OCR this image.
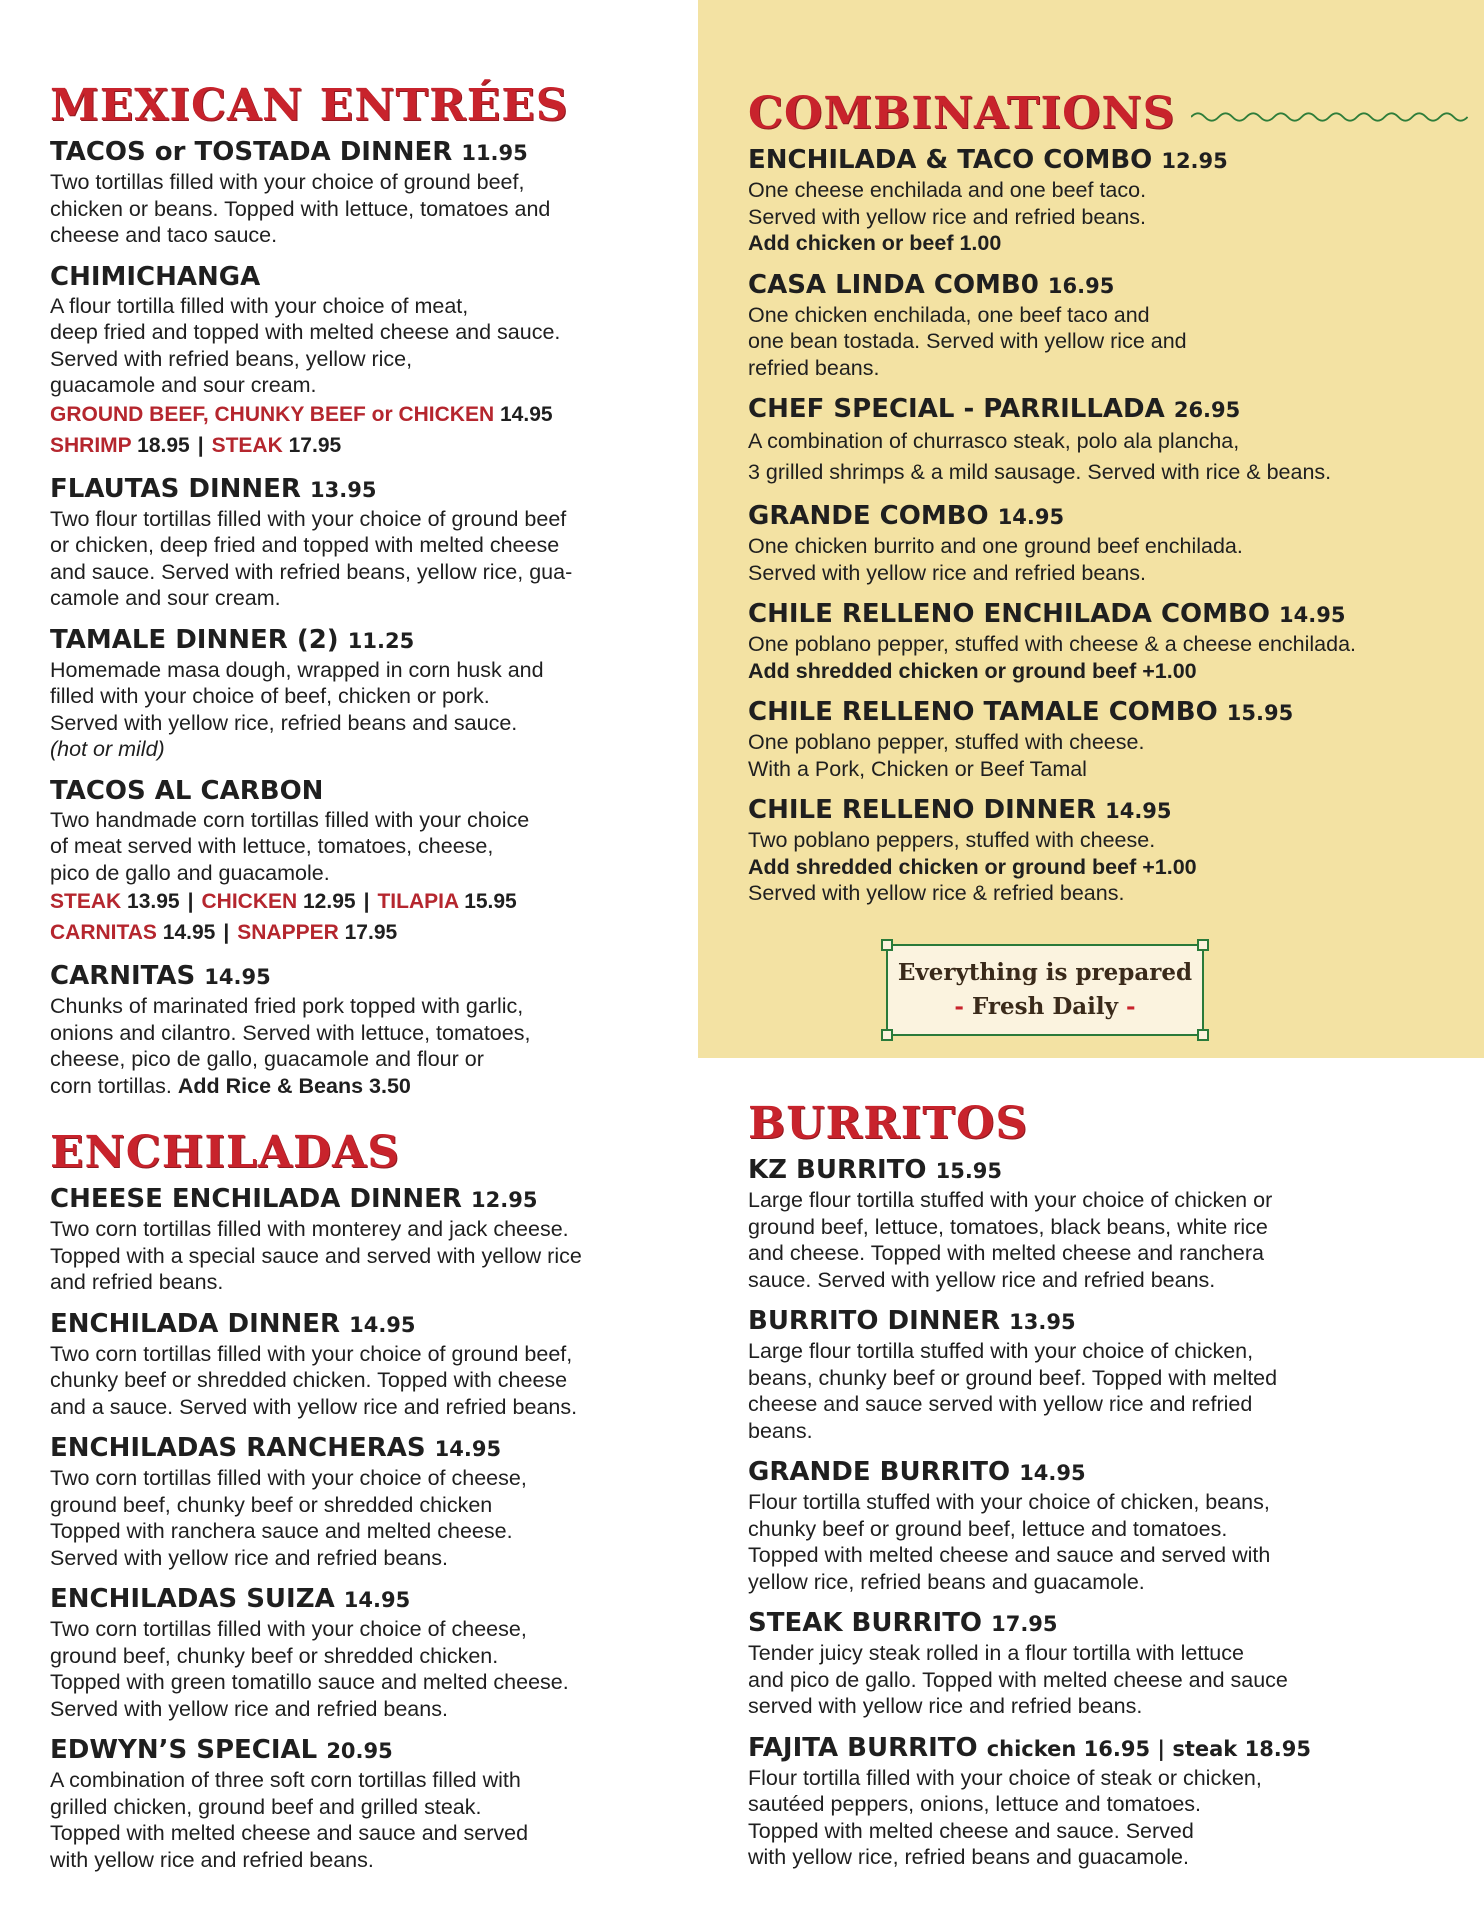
MEXICAN ENTRÉES
TACOS or TOSTADA DINNER 11.95
Two tortillas filled with your choice of ground beef,
chicken or beans. Topped with lettuce, tomatoes and
cheese and taco sauce.
CHIMICHANGA
A flour tortilla filled with your choice of meat,
deep fried and topped with melted cheese and sauce.
Served with refried beans, yellow rice,
guacamole and sour cream.
GROUND BEEF, CHUNKY BEEF or CHICKEN 14.95
SHRIMP 18.95 | STEAK 17.95
FLAUTAS DINNER 13.95
Two flour tortillas filled with your choice of ground beef
or chicken, deep fried and topped with melted cheese
and sauce. Served with refried beans, yellow rice, gua-
camole and sour cream.
TAMALE DINNER (2) 11.25
Homemade masa dough, wrapped in corn husk and
filled with your choice of beef, chicken or pork.
Served with yellow rice, refried beans and sauce.
(hot or mild)
TACOS AL CARBON
Two handmade corn tortillas filled with your choice
of meat served with lettuce, tomatoes, cheese,
pico de gallo and guacamole.
STEAK 13.95 | CHICKEN 12.95 | TILAPIA 15.95
CARNITAS 14.95 | SNAPPER 17.95
CARNITAS 14.95
Chunks of marinated fried pork topped with garlic,
onions and cilantro. Served with lettuce, tomatoes,
cheese, pico de gallo, guacamole and flour or
corn tortillas. Add Rice & Beans 3.50
ENCHILADAS
CHEESE ENCHILADA DINNER 12.95
Two corn tortillas filled with monterey and jack cheese.
Topped with a special sauce and served with yellow rice
and refried beans.
ENCHILADA DINNER 14.95
Two corn tortillas filled with your choice of ground beef,
chunky beef or shredded chicken. Topped with cheese
and a sauce. Served with yellow rice and refried beans.
ENCHILADAS RANCHERAS 14.95
Two corn tortillas filled with your choice of cheese,
ground beef, chunky beef or shredded chicken
Topped with ranchera sauce and melted cheese.
Served with yellow rice and refried beans.
ENCHILADAS SUIZA 14.95
Two corn tortillas filled with your choice of cheese,
ground beef, chunky beef or shredded chicken.
Topped with green tomatillo sauce and melted cheese.
Served with yellow rice and refried beans.
EDWYN’S SPECIAL 20.95
A combination of three soft corn tortillas filled with
grilled chicken, ground beef and grilled steak.
Topped with melted cheese and sauce and served
with yellow rice and refried beans.
COMBINATIONS
ENCHILADA & TACO COMBO 12.95
One cheese enchilada and one beef taco.
Served with yellow rice and refried beans.
Add chicken or beef 1.00
CASA LINDA COMB0 16.95
One chicken enchilada, one beef taco and
one bean tostada. Served with yellow rice and
refried beans.
CHEF SPECIAL - PARRILLADA 26.95
A combination of churrasco steak, polo ala plancha,
3 grilled shrimps & a mild sausage. Served with rice & beans.
GRANDE COMBO 14.95
One chicken burrito and one ground beef enchilada.
Served with yellow rice and refried beans.
CHILE RELLENO ENCHILADA COMBO 14.95
One poblano pepper, stuffed with cheese & a cheese enchilada.
Add shredded chicken or ground beef +1.00
CHILE RELLENO TAMALE COMBO 15.95
One poblano pepper, stuffed with cheese.
With a Pork, Chicken or Beef Tamal
CHILE RELLENO DINNER 14.95
Two poblano peppers, stuffed with cheese.
Add shredded chicken or ground beef +1.00
Served with yellow rice & refried beans.
Everything is prepared
- Fresh Daily -
BURRITOS
KZ BURRITO 15.95
Large flour tortilla stuffed with your choice of chicken or
ground beef, lettuce, tomatoes, black beans, white rice
and cheese. Topped with melted cheese and ranchera
sauce. Served with yellow rice and refried beans.
BURRITO DINNER 13.95
Large flour tortilla stuffed with your choice of chicken,
beans, chunky beef or ground beef. Topped with melted
cheese and sauce served with yellow rice and refried
beans.
GRANDE BURRITO 14.95
Flour tortilla stuffed with your choice of chicken, beans,
chunky beef or ground beef, lettuce and tomatoes.
Topped with melted cheese and sauce and served with
yellow rice, refried beans and guacamole.
STEAK BURRITO 17.95
Tender juicy steak rolled in a flour tortilla with lettuce
and pico de gallo. Topped with melted cheese and sauce
served with yellow rice and refried beans.
FAJITA BURRITO chicken 16.95 | steak 18.95
Flour tortilla filled with your choice of steak or chicken,
sautéed peppers, onions, lettuce and tomatoes.
Topped with melted cheese and sauce. Served
with yellow rice, refried beans and guacamole.
